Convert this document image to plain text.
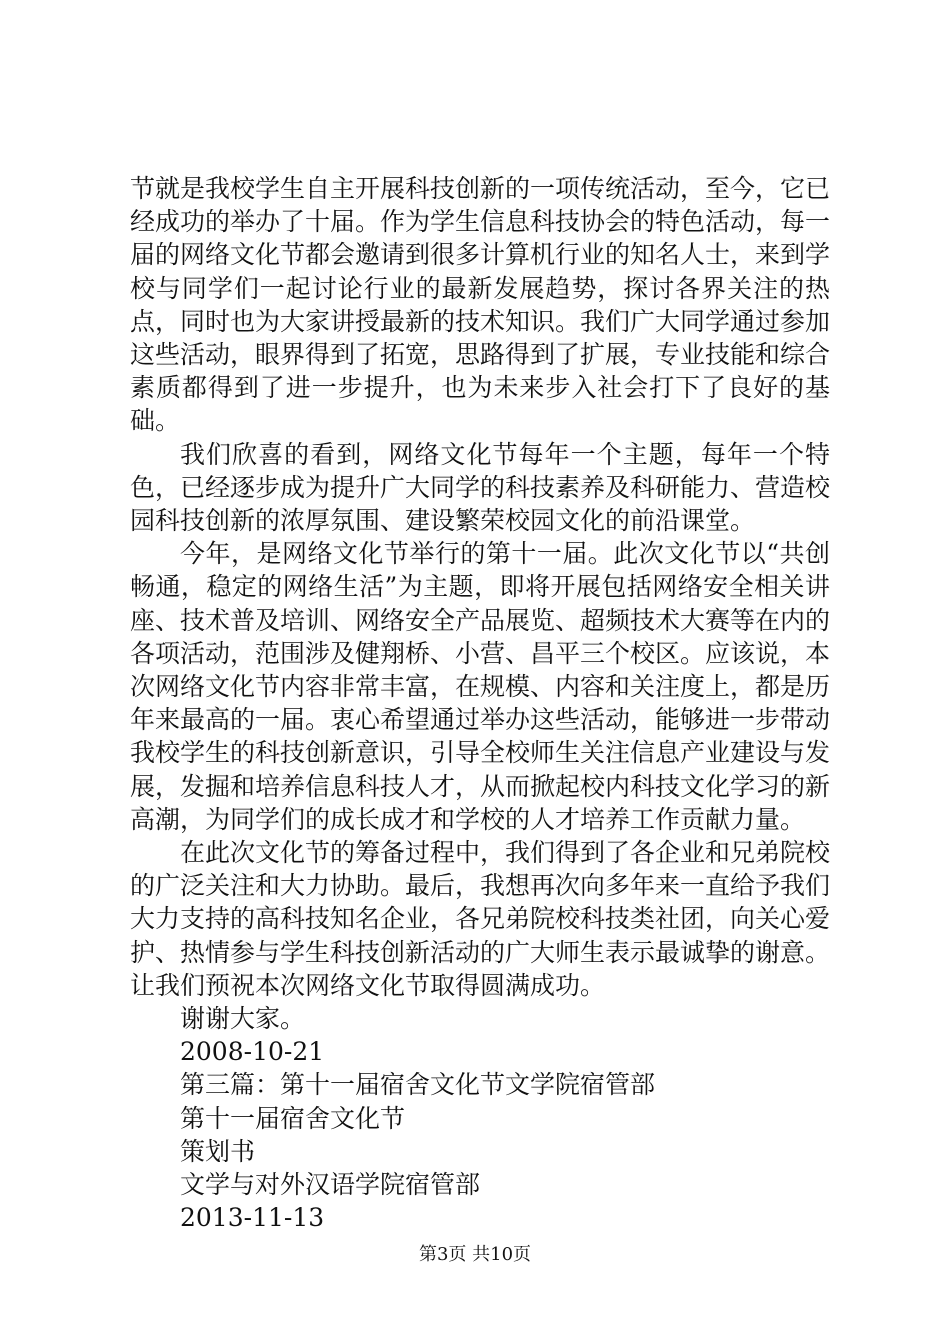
节就是我校学生自主开展科技创新的一项传统活动，至今，它已经成功的举办了十届。作为学生信息科技协会的特色活动，每一届的网络文化节都会邀请到很多计算机行业的知名人士，来到学校与同学们一起讨论行业的最新发展趋势，探讨各界关注的热点，同时也为大家讲授最新的技术知识。我们广大同学通过参加这些活动，眼界得到了拓宽，思路得到了扩展，专业技能和综合素质都得到了进一步提升，也为未来步入社会打下了良好的基础。

我们欣喜的看到，网络文化节每年一个主题，每年一个特色，已经逐步成为提升广大同学的科技素养及科研能力、营造校园科技创新的浓厚氛围、建设繁荣校园文化的前沿课堂。

今年，是网络文化节举行的第十一届。此次文化节以“共创畅通，稳定的网络生活”为主题，即将开展包括网络安全相关讲座、技术普及培训、网络安全产品展览、超频技术大赛等在内的各项活动，范围涉及健翔桥、小营、昌平三个校区。应该说，本次网络文化节内容非常丰富，在规模、内容和关注度上，都是历年来最高的一届。衷心希望通过举办这些活动，能够进一步带动我校学生的科技创新意识，引导全校师生关注信息产业建设与发展，发掘和培养信息科技人才，从而掀起校内科技文化学习的新高潮，为同学们的成长成才和学校的人才培养工作贡献力量。

在此次文化节的筹备过程中，我们得到了各企业和兄弟院校的广泛关注和大力协助。最后，我想再次向多年来一直给予我们大力支持的高科技知名企业，各兄弟院校科技类社团，向关心爱护、热情参与学生科技创新活动的广大师生表示最诚挚的谢意。让我们预祝本次网络文化节取得圆满成功。

谢谢大家。

2008-10-21

第三篇：第十一届宿舍文化节文学院宿管部

第十一届宿舍文化节

策划书

文学与对外汉语学院宿管部

2013-11-13

第3页 共10页
